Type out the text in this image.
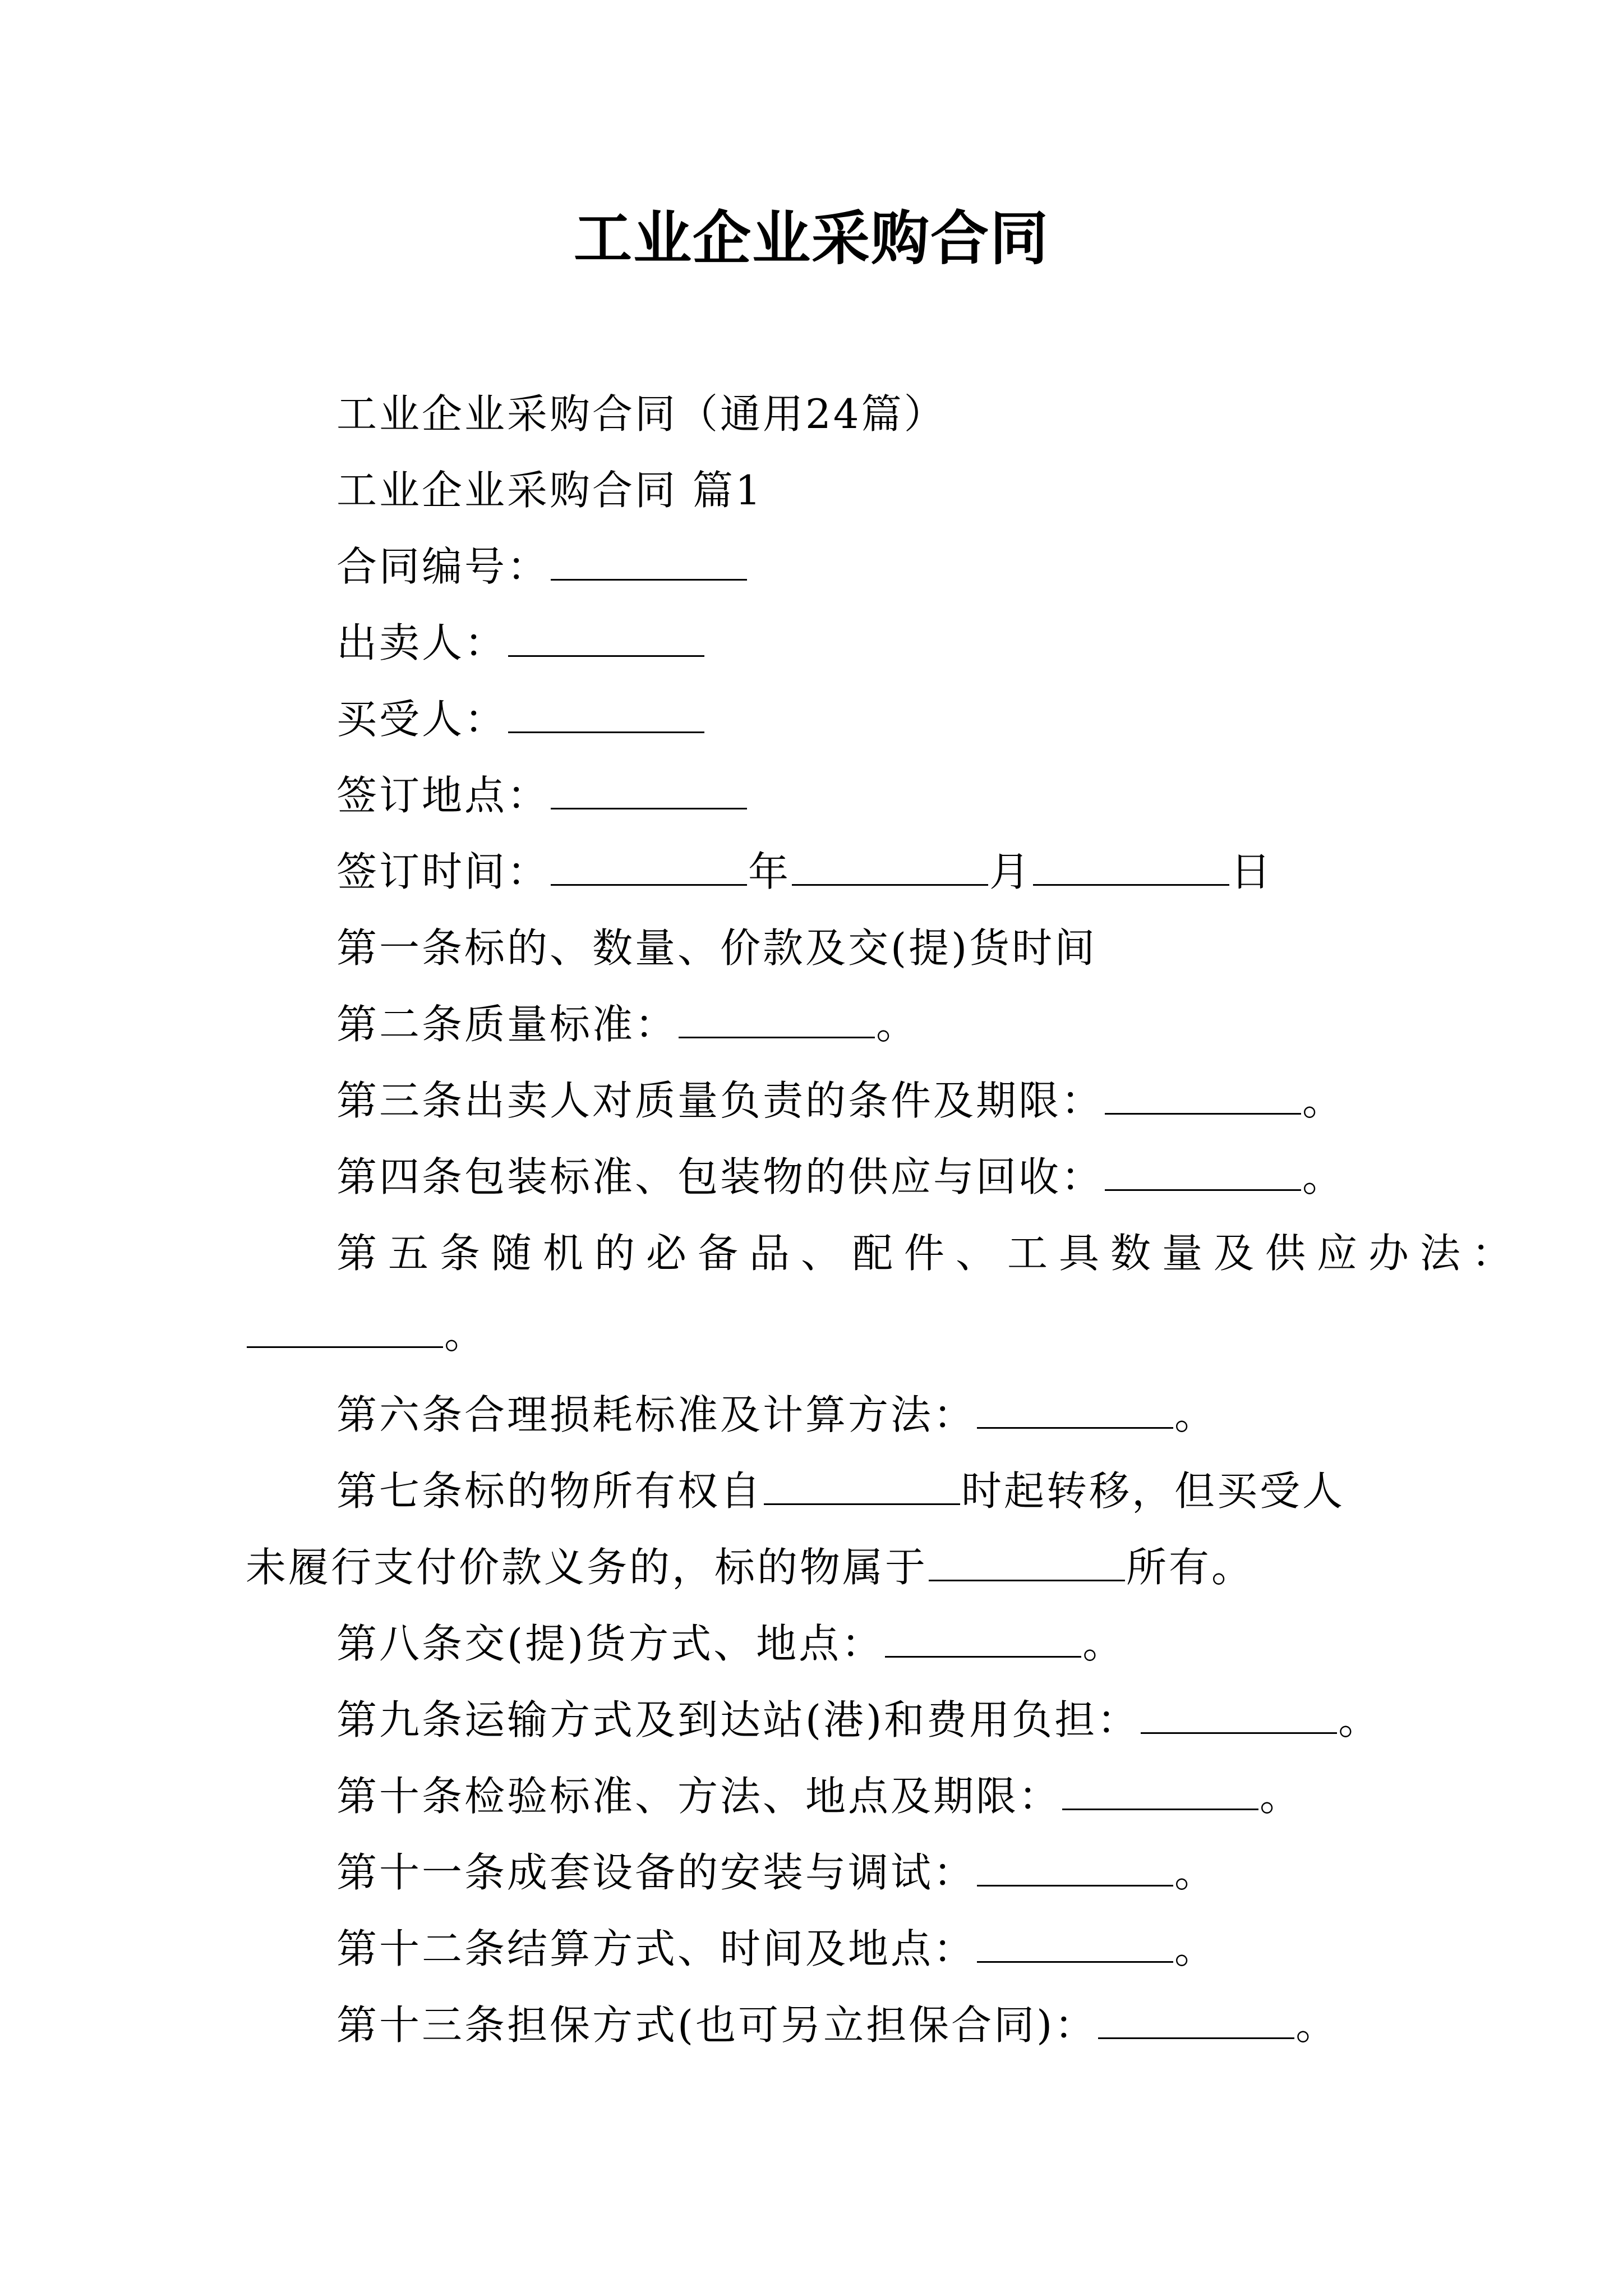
工业企业采购合同
工业企业采购合同（通用24篇）
工业企业采购合同 篇1
合同编号：
出卖人：
买受人：
签订地点：
签订时间：	年	月	日
第一条标的、数量、价款及交(提)货时间
第二条质量标准：	。
第三条出卖人对质量负责的条件及期限：	。
第四条包装标准、包装物的供应与回收：	。
第五条随机的必备品、配件、工具数量及供应办法：
。
第六条合理损耗标准及计算方法：	。
第七条标的物所有权自	时起转移，但买受人
未履行支付价款义务的，标的物属于	所有。
第八条交(提)货方式、地点：	。
第九条运输方式及到达站(港)和费用负担：	。
第十条检验标准、方法、地点及期限：	。
第十一条成套设备的安装与调试：	。
第十二条结算方式、时间及地点：	。
第十三条担保方式(也可另立担保合同)：	。
